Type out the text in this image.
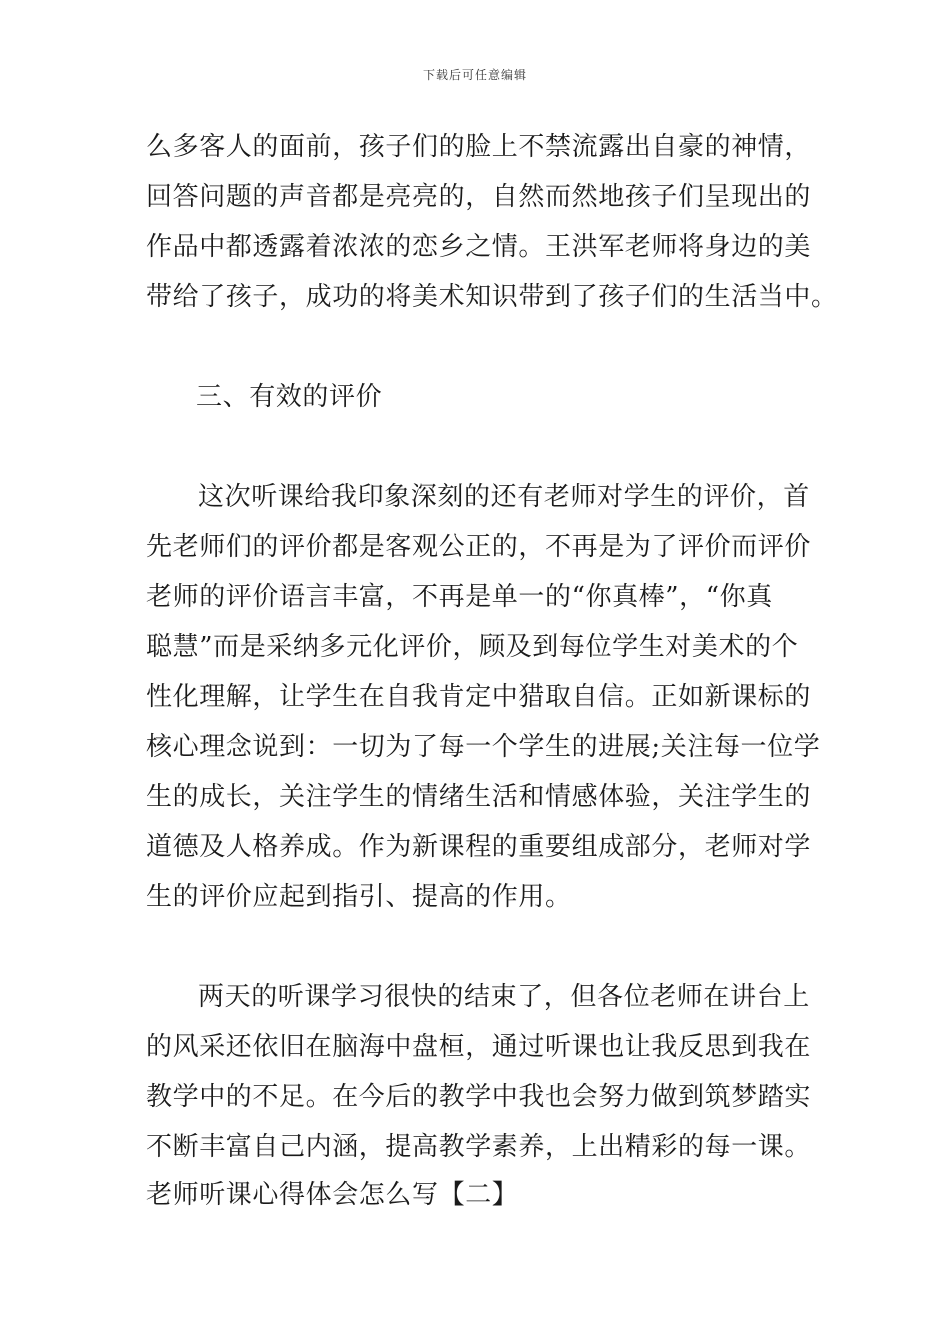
下载后可任意编辑
么多客人的面前，孩子们的脸上不禁流露出自豪的神情，
回答问题的声音都是亮亮的，自然而然地孩子们呈现出的
作品中都透露着浓浓的恋乡之情。王洪军老师将身边的美
带给了孩子，成功的将美术知识带到了孩子们的生活当中。
三、有效的评价
这次听课给我印象深刻的还有老师对学生的评价，首
先老师们的评价都是客观公正的，不再是为了评价而评价
老师的评价语言丰富，不再是单一的“你真棒”，“你真
聪慧”而是采纳多元化评价，顾及到每位学生对美术的个
性化理解，让学生在自我肯定中猎取自信。正如新课标的
核心理念说到：一切为了每一个学生的进展;关注每一位学
生的成长，关注学生的情绪生活和情感体验，关注学生的
道德及人格养成。作为新课程的重要组成部分，老师对学
生的评价应起到指引、提高的作用。
两天的听课学习很快的结束了，但各位老师在讲台上
的风采还依旧在脑海中盘桓，通过听课也让我反思到我在
教学中的不足。在今后的教学中我也会努力做到筑梦踏实
不断丰富自己内涵，提高教学素养，上出精彩的每一课。
老师听课心得体会怎么写【二】
